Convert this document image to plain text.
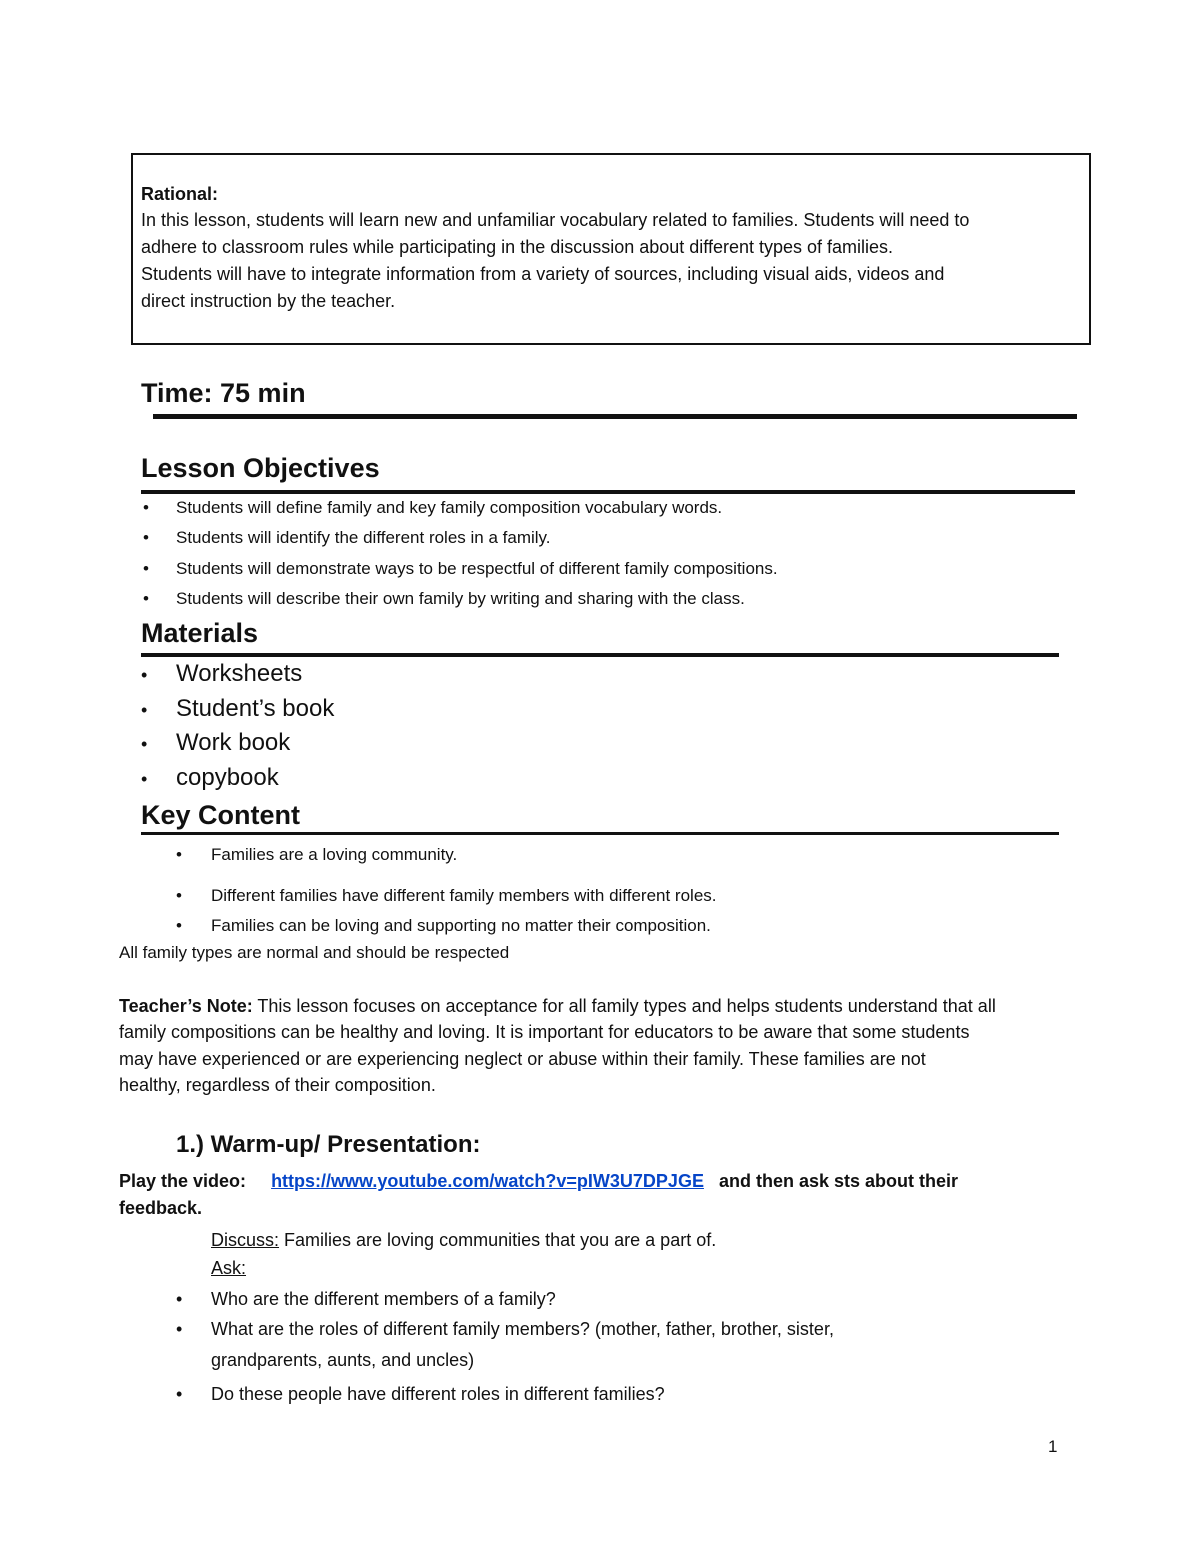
Rational:
In this lesson, students will learn new and unfamiliar vocabulary related to families. Students will need to
adhere to classroom rules while participating in the discussion about different types of families.
Students will have to integrate information from a variety of sources, including visual aids, videos and
direct instruction by the teacher.
Time: 75 min
Lesson Objectives
• Students will define family and key family composition vocabulary words.
• Students will identify the different roles in a family.
• Students will demonstrate ways to be respectful of different family compositions.
• Students will describe their own family by writing and sharing with the class.
Materials
• Worksheets
• Student’s book
• Work book
• copybook
Key Content
• Families are a loving community.
• Different families have different family members with different roles.
• Families can be loving and supporting no matter their composition.
All family types are normal and should be respected
Teacher’s Note: This lesson focuses on acceptance for all family types and helps students understand that all
family compositions can be healthy and loving. It is important for educators to be aware that some students
may have experienced or are experiencing neglect or abuse within their family. These families are not
healthy, regardless of their composition.
1.) Warm-up/ Presentation:
Play the video: https://www.youtube.com/watch?v=pIW3U7DPJGE and then ask sts about their
feedback.
Discuss: Families are loving communities that you are a part of.
Ask:
• Who are the different members of a family?
• What are the roles of different family members? (mother, father, brother, sister,
grandparents, aunts, and uncles)
• Do these people have different roles in different families?
1
